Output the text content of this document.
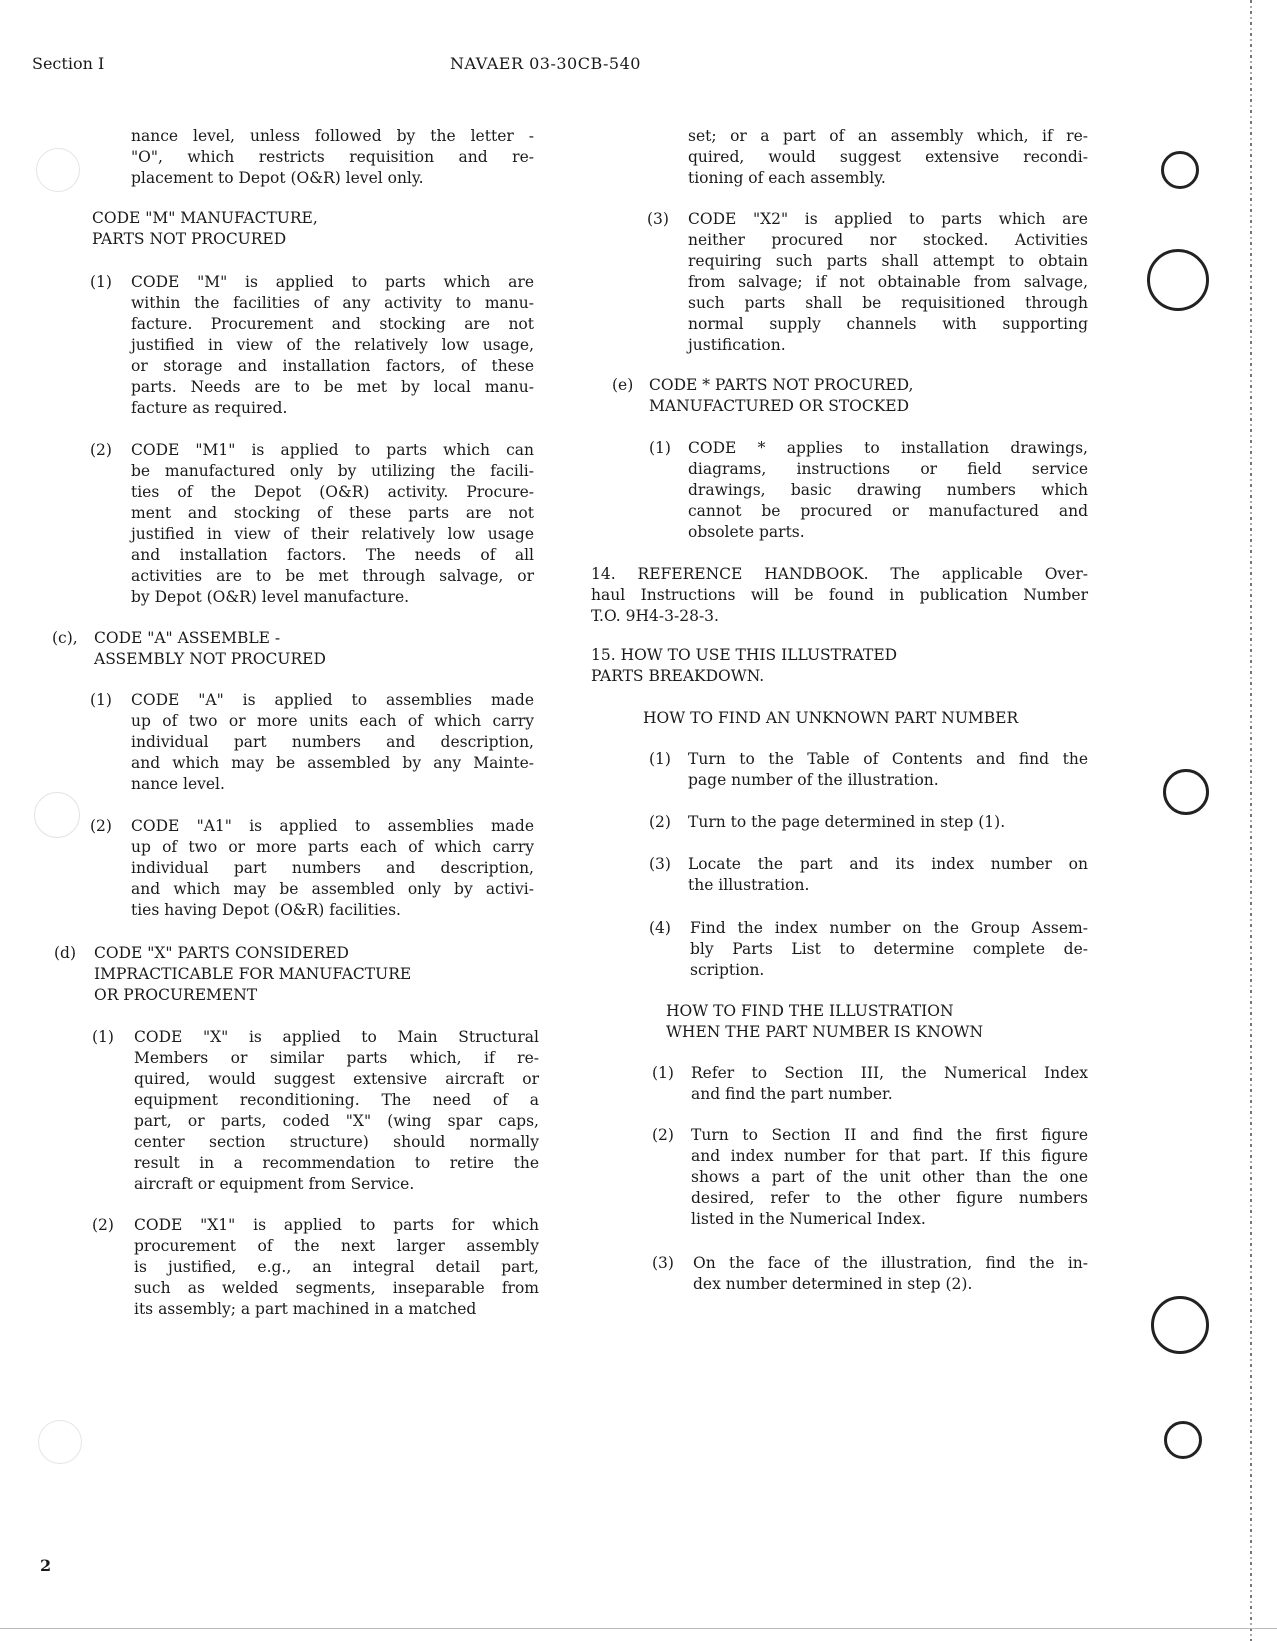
Section I	NAVAER 03-30CB-540
2
nance level, unless followed by the letter -
"O", which restricts requisition and re-
placement to Depot (O&R) level only.
CODE "M" MANUFACTURE,
PARTS NOT PROCURED
(1) CODE "M" is applied to parts which are
within the facilities of any activity to manu-
facture. Procurement and stocking are not
justified in view of the relatively low usage,
or storage and installation factors, of these
parts. Needs are to be met by local manu-
facture as required.
(2) CODE "M1" is applied to parts which can
be manufactured only by utilizing the facili-
ties of the Depot (O&R) activity. Procure-
ment and stocking of these parts are not
justified in view of their relatively low usage
and installation factors. The needs of all
activities are to be met through salvage, or
by Depot (O&R) level manufacture.
(c), CODE "A" ASSEMBLE -
ASSEMBLY NOT PROCURED
(1) CODE "A" is applied to assemblies made
up of two or more units each of which carry
individual part numbers and description,
and which may be assembled by any Mainte-
nance level.
(2) CODE "A1" is applied to assemblies made
up of two or more parts each of which carry
individual part numbers and description,
and which may be assembled only by activi-
ties having Depot (O&R) facilities.
(d) CODE "X" PARTS CONSIDERED
IMPRACTICABLE FOR MANUFACTURE
OR PROCUREMENT
(1) CODE "X" is applied to Main Structural
Members or similar parts which, if re-
quired, would suggest extensive aircraft or
equipment reconditioning. The need of a
part, or parts, coded "X" (wing spar caps,
center section structure) should normally
result in a recommendation to retire the
aircraft or equipment from Service.
(2) CODE "X1" is applied to parts for which
procurement of the next larger assembly
is justified, e.g., an integral detail part,
such as welded segments, inseparable from
its assembly; a part machined in a matched
set; or a part of an assembly which, if re-
quired, would suggest extensive recondi-
tioning of each assembly.
(3) CODE "X2" is applied to parts which are
neither procured nor stocked. Activities
requiring such parts shall attempt to obtain
from salvage; if not obtainable from salvage,
such parts shall be requisitioned through
normal supply channels with supporting
justification.
(e) CODE * PARTS NOT PROCURED,
MANUFACTURED OR STOCKED
(1) CODE * applies to installation drawings,
diagrams, instructions or field service
drawings, basic drawing numbers which
cannot be procured or manufactured and
obsolete parts.
14. REFERENCE HANDBOOK. The applicable Over-
haul Instructions will be found in publication Number
T.O. 9H4-3-28-3.
15. HOW TO USE THIS ILLUSTRATED
PARTS BREAKDOWN.
HOW TO FIND AN UNKNOWN PART NUMBER
(1) Turn to the Table of Contents and find the
page number of the illustration.
(2) Turn to the page determined in step (1).
(3) Locate the part and its index number on
the illustration.
(4) Find the index number on the Group Assem-
bly Parts List to determine complete de-
scription.
HOW TO FIND THE ILLUSTRATION
WHEN THE PART NUMBER IS KNOWN
(1) Refer to Section III, the Numerical Index
and find the part number.
(2) Turn to Section II and find the first figure
and index number for that part. If this figure
shows a part of the unit other than the one
desired, refer to the other figure numbers
listed in the Numerical Index.
(3) On the face of the illustration, find the in-
dex number determined in step (2).
